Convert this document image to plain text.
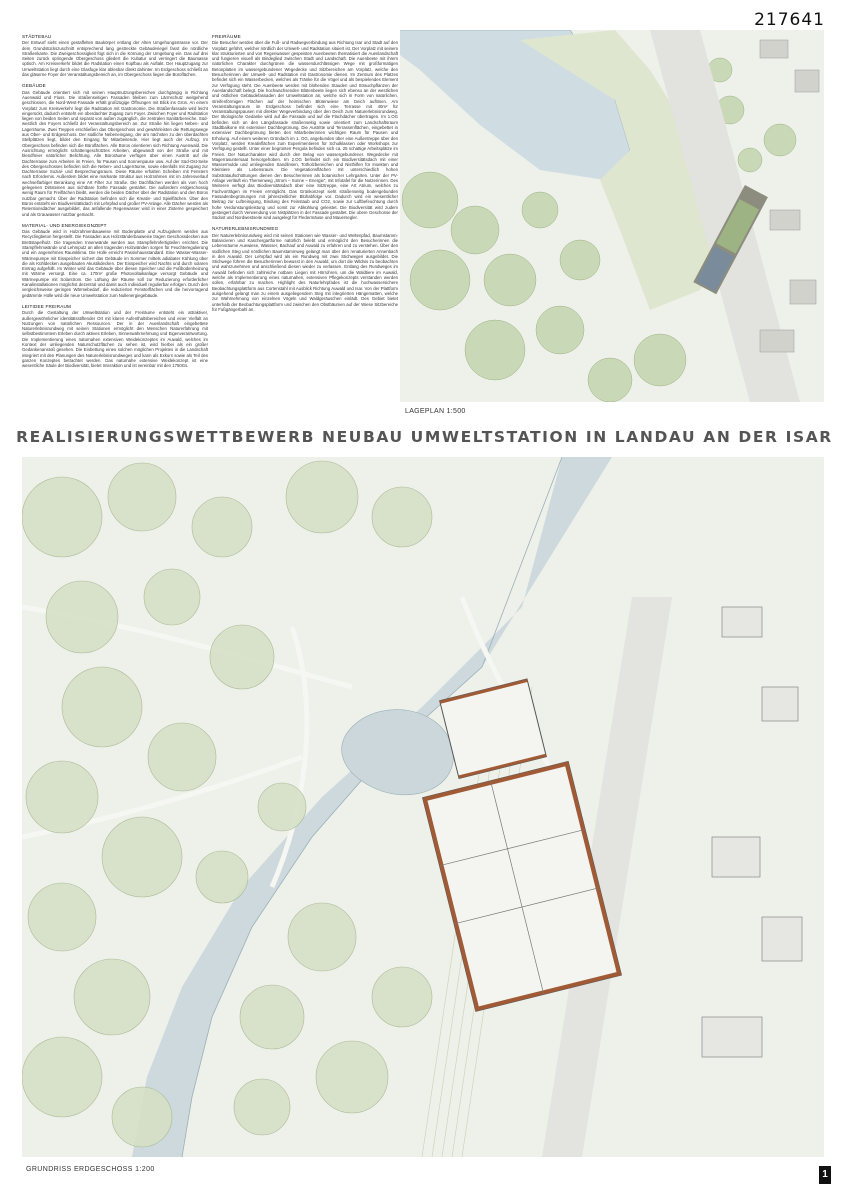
217641
STÄDTEBAU

Der Entwurf sieht einen gestaffelten Baukörper entlang der Alten Umgehungsstrasse vor. Der dem Grundstückszuschnitt entsprechend lang gestreckte Gebäuderiegel fasst die nördliche Straßenkante. Die Zweigeschossigkeit fügt sich in die Körnung der Umgebung ein. Das auf drei Seiten zurück springende Obergeschoss gliedert die Kubatur und verringert die Baumasse optisch. Am Kreisverkehr bildet die Radstation einen Kopfbau als Auftakt. Der Hauptzugang zur Umweltstation liegt durch eine Glasfuge klar ablesbar direkt dahinter. Im Erdgeschoss schließt an das gläserne Foyer der Veranstaltungsbereich an, im Obergeschoss liegen die Büroflächen.

GEBÄUDE

Das Gebäude orientiert sich mit seinen Hauptnutzungsbereichen durchgängig in Richtung Auenwald und Fluss. Die straßenseitigen Fassaden bleiben zum Lärmschutz weitgehend geschlossen, die Nord-West-Fassade erhält großzügige Öffnungen mit Blick ins Grün. An einem Vorplatz zum Kreisverkehr liegt die Radstation mit Gastronomie. Die Straßenfassade wird leicht eingerückt, dadurch entsteht ein überdachter Zugang zum Foyer. Zwischen Foyer und Radstation liegen von beiden Seiten und separat von außen zugänglich, die zentralen Sanitärbereiche. Süd-westlich des Foyers schließt der Veranstaltungsbereich an. Zur Straße hin liegen Neben- und Lagerräume. Zwei Treppen erschließen das Obergeschoss und gewährleisten die Rettungswege aus Ober- und Erdgeschoss. Der südliche Nebeneingang, der am nächsten zu den überdachten Stellplätzen liegt, bildet den Eingang für Mitarbeitende. Hier liegt auch der Aufzug. Im Obergeschoss befinden sich die Büroflächen. Alle Büros orientieren sich Richtung Auenwald. Die Ausrichtung ermöglicht schattengeschütztes Arbeiten, abgewandt von der Straße und mit blendfreier natürlicher Belichtung. Alle Büroräume verfügen über einen Austritt auf die Dachterrasse zum Arbeiten im Freien, für Pausen und Sonnenpause usw. Auf der Süd-Ost-Seite des Obergeschosses befinden sich die Neben- und Lagerräume, sowie ebenfalls mit Zugang zur Dachterrasse Sozial- und Besprechungsraum. Diese Räume erhalten Scheiben mit Fenstern nach Erfordernis. Außerdem bildet eine markante Struktur aus Holzrahmen mit im Jahresverlauf wechselfarbiger Berankung eine Art Filter zur Straße. Die Dachflächen werden als vom hoch gelegenen Dirtsteinen aus sichtbare fünfte Fassade gestaltet. Die außerdem erdgeschossig wenig Raum für Freiflächen bleibt, werden die beiden Dächer über der Radstation und den Büros nutzbar gemacht. Über der Radstation befinden sich die Kreativ- und Spielflächen. Über den Büros entsteht ein Biodiversitätsdach mit Lehrpfad und großer PV-Anlage. Alle Dächer werden als Retentionsdächer ausgebildet, das anfallende Regenwasser wird in einer Zisterne gespeichert und als Grauwasser nutzbar gemacht.

MATERIAL- UND ENERGIEKONZEPT

Das Gebäude wird in Holzrahmenbauweise mit Bodenplatte und Aufzugskern werden aus Recyclingbeton hergestellt. Die Fassaden aus Holzständerbauweise tragen Geschossdecken aus Brettstapelholz. Die tragenden Innenwände werden aus Stampflehmfertigteilen errichtet. Die Stampflehmwände und Lehmputz an allen tragenden Holzwänden sorgen für Feuchteregulierung und ein angenehmes Raumklima. Die Hülle erreicht Passivhausstandard. Eine Wasser-Wasser-Wärmepumpe mit Eisspeicher sichert das Gebäude im Sommer mittels adiabater Kühlung über die als Kühldecken ausgebauten Akustikdecken. Der Eisspeicher wird Nachts und durch solaren Eintrag aufgefüllt. Im Winter wird das Gebäude über diesen Speicher und die Fußbodenheizung mit Wärme versorgt. Eine ca. 170m² große Photovoltaikanlage versorgt Gebäude und Wärmepumpe mit Solarstrom. Die Lüftung der Räume soll zur Reduzierung erforderlicher Kanalinstallationen möglichst dezentral und damit auch individuell regulierbar erfolgen. Durch den vergleichsweise geringen Wärmebedarf, die reduzierten Fensterflächen und die hervorragend gedämmte Hülle wird die neue Umweltstation zum Nullenergiegebäude.

LEITIDEE FREIRAUM

Durch die Gestaltung der Umweltstation und der Freiräume entsteht ein attraktiver, außergewöhnlicher identitätsstiftender Ort mit klaren Aufenthaltsbereichen und einer Vielfalt an Nutzungen von natürlichen Ressourcen. Der in der Auenlandschaft eingebettete Naturerlebnisrundweg mit seinen Stationen ermöglicht den Menschen Naturerfahrung mit selbstbestimmtem Erleben durch aktives Erleben, Sinneswahrnehmung und Eigenverantwortung. Die Implementierung eines naturnahen extensiven Weidekonzeptes im Auwald, welches im Kontext der umliegenden Naturschutzflächen zu sehen ist, wird hierbei als ein großer Gedankenanstoß gesehen. Die Einbettung eines solchen möglichen Projektes in die Landschaft integriert mit den Planungen des Naturerlebnisrundweges und kann als Exkurs sowie als Teil des ganzen Konzeptes betrachtet werden. Das naturnahe extensive Weidekonzept ist eine wesentliche Säule der Biodiversität, bietet Interaktion und ist vereinbar mit den 1750Gs.

FREIRÄUME

Die Besucher werden über die Fuß- und Radwegverbindung aus Richtung Isar und Stadt auf den Vorplatz geführt, welcher nördlich der Umwelt- und Radstation situiert ist. Der Vorplatz mit seinem klar strukturierten und von Regenwasser gespeisten Auenbeeten thematisiert die Auenlandschaft und fungieren visuell als Bindeglied zwischen Stadt und Landschaft. Die Auenbeete mit ihrem natürlichen Charakter durchgrünen die wassendurchlässigen Wege mit großformatigen Betonplatten im wassergebundener Wegedecke und Sitzbereichen am Vorplatz, welche den Besucherinnen der Umwelt- und Radstation mit Gastronomie dienen. Im Zentrum des Platzes befindet sich ein Wasserbecken, welches als Tränke für die Vögel und als bespielendes Element zur Verfügung steht. Die Auenbeete werden mit blühenden Stauden und Strauchpflanzen der Auenlandschaft belegt. Die hochwachsenden Blütenbeete liegen sich ebenso an der westlichen und östlichen Gebäudefassaden der Umweltstation an, welche sich in Form von natürlichen, streifenförmigen Flächen auf der heimischen Blütenwiese am Deich auflösen. Am Veranstaltungsraum im Erdgeschoss befindet sich eine Terrasse mit 40m² für Veranstaltungspausen mit direkter Wegeverbindung über den Deich zum Naturerlebnisrundweg. Der ökologische Gedanke wird auf die Fassade und auf die Flachdächer übertragen. Im 1.OG befinden sich an den Längsfassade straßenseitig sowie orientiert zum Landschaftsraum Stadtbalkone mit extensiver Dachbegrünung. Die Austritte und Terrassenflächen, eingebettet in extensiver Dachbegrünung bieten den Mitarbeiterinnen wichtigen Raum für Pausen und Erholung. Auf einem weiteren Gründach im 1. OG, angebunden über eine Außentreppe über den Vorplatz, werden Kreativflächen zum Experimentieren für Schulklassen oder Workshops zur Verfügung gestellt. Unter einer begrünten Pergola befinden sich ca. 25 schattige Arbeitsplätze im Freien. Der Naturcharakter wird durch den Belag von wassergebundener. Wegedecke mit Magerrasuntersaat hervorgehoben. Im 2.OG befindet sich ein Biodiversitätsdach mit einer Wassermulde und umliegenden Sandlinsen, Totholzbereichen und Nisthilfen für Insekten und Kleintiere als Lebensraum. Die Vegetationsflächen mit unterschiedlich hohen Substrataufschüttungen dienen den Besucherinnen als botanischer Lehrgarten. Unter der PV-Anlage verläuft ein Themenweg „Strom – Sonne – Energie“, mit Infotafel für die Nutzerinnen. Des Weiteren verfügt das Biodiversitätsdach über eine Sitztreppe, eine Art Atrium, welches zu Fachvorträgen im Freien ermöglicht. Das Grünkonzept sieht straßenseitig bodengebunden Fassadenbegrünungen mit jahreszeitlicher Blühabfolge vor. Dadurch wird ein wesentlicher Beitrag zur Luftreinigung, Bindung des Feinstaub und CO2, sowie zur Luftbefeuchtung durch hohe Verdunstungsleistung und somit zur Abkühlung geleistet. Die Biodiversität wird zudem gesteigert durch Verwendung von Nistplätzen in der Fassade gestaltet. Die obere Geschosse der Südost und Nordwestseite sind ausgelegt für Fledermäuse und Mauersegler.

NATURERLEBNISRUNDWEG

Der Naturerlebnisrundweg wird mit seinen Stationen wie Wasser- und Weltenpfad, Baumstamm-Balancieren und Kaschergartforme natürlich belebt und ermöglicht den Besucherinnen die Lebensräume Auewiese, Wassser, Bachauf und Auwald zu erfahren und zu verstehen. Über den südlichen Steg und nördlichen Baumstammweg gelangt man über den renaturierten Annenbach in den Auwald. Der Lehrpfad wird als ein Rundweg mit zwei Stichwegen ausgebildet. Die Stichwege führen die Besucherinnen bewusst in den Auwald, um dort die Wildnis zu beobachten und wahrzunehmen und anschließend diesen wieder zu verlassen. Entlang des Rundweges im Auwald befinden sich zahlreiche notbare Liegen mit Hörrohren, um die Waldtiere im Auwald, welche als Implementierung eines naturnahen, extensiven Pflegekonzepts verstanden werden sollen, erfahrbar zu machen. Highlight des Naturlehrpfades ist die hochwassersichere Beobachtungsplattform aus Cortenstahl mit Ausblick Richtung Auwald und Isar. Von der Plattform ausgehend gelangt man zu einem ausgeliegendem Steg mit integrierten Hängematten, welche zur Wahrnehmung von einzelnen Vögeln und Waldgeräuschen einlädt. Des Gebiet bietet unterhalb der Beobachtungsplattform und zwischen den Obstbäumen auf der Wiese Sitzbereiche für Fußgängerbahl an.

LAGEPLAN 1:500
REALISIERUNGSWETTBEWERB NEUBAU UMWELTSTATION IN LANDAU AN DER ISAR
GRUNDRISS ERDGESCHOSS 1:200	1
